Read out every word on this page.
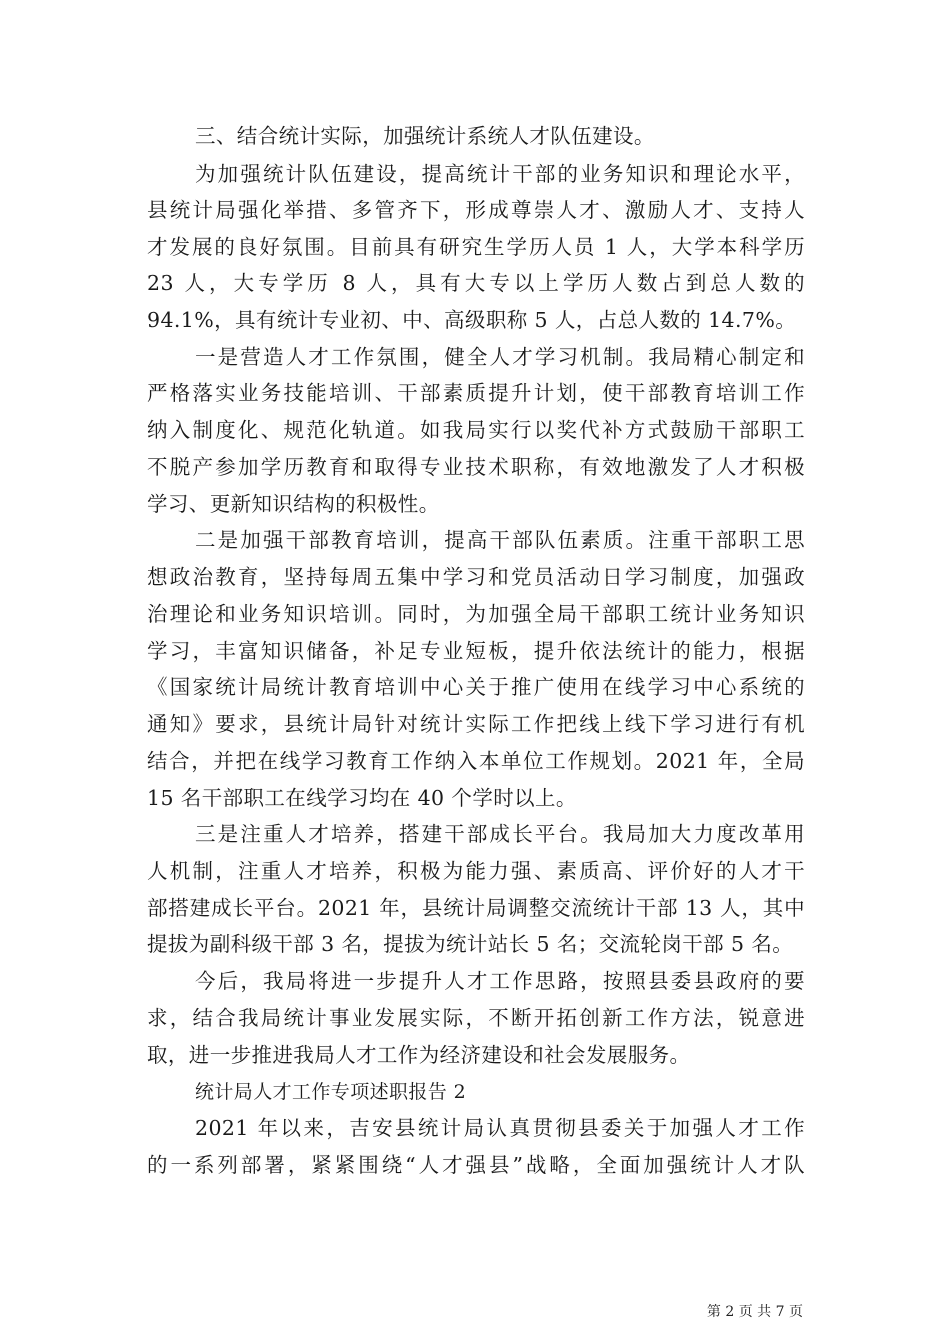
三、结合统计实际，加强统计系统人才队伍建设。
为加强统计队伍建设，提高统计干部的业务知识和理论水平，
县统计局强化举措、多管齐下，形成尊崇人才、激励人才、支持人
才发展的良好氛围。目前具有研究生学历人员 1 人，大学本科学历
23 人，大专学历 8 人，具有大专以上学历人数占到总人数的
94.1%，具有统计专业初、中、高级职称 5 人，占总人数的 14.7%。
一是营造人才工作氛围，健全人才学习机制。我局精心制定和
严格落实业务技能培训、干部素质提升计划，使干部教育培训工作
纳入制度化、规范化轨道。如我局实行以奖代补方式鼓励干部职工
不脱产参加学历教育和取得专业技术职称，有效地激发了人才积极
学习、更新知识结构的积极性。
二是加强干部教育培训，提高干部队伍素质。注重干部职工思
想政治教育，坚持每周五集中学习和党员活动日学习制度，加强政
治理论和业务知识培训。同时，为加强全局干部职工统计业务知识
学习，丰富知识储备，补足专业短板，提升依法统计的能力，根据
《国家统计局统计教育培训中心关于推广使用在线学习中心系统的
通知》要求，县统计局针对统计实际工作把线上线下学习进行有机
结合，并把在线学习教育工作纳入本单位工作规划。2021 年，全局
15 名干部职工在线学习均在 40 个学时以上。
三是注重人才培养，搭建干部成长平台。我局加大力度改革用
人机制，注重人才培养，积极为能力强、素质高、评价好的人才干
部搭建成长平台。2021 年，县统计局调整交流统计干部 13 人，其中
提拔为副科级干部 3 名，提拔为统计站长 5 名；交流轮岗干部 5 名。
今后，我局将进一步提升人才工作思路，按照县委县政府的要
求，结合我局统计事业发展实际，不断开拓创新工作方法，锐意进
取，进一步推进我局人才工作为经济建设和社会发展服务。
统计局人才工作专项述职报告 2
2021 年以来，吉安县统计局认真贯彻县委关于加强人才工作
的一系列部署，紧紧围绕“人才强县”战略，全面加强统计人才队
第 2 页 共 7 页
